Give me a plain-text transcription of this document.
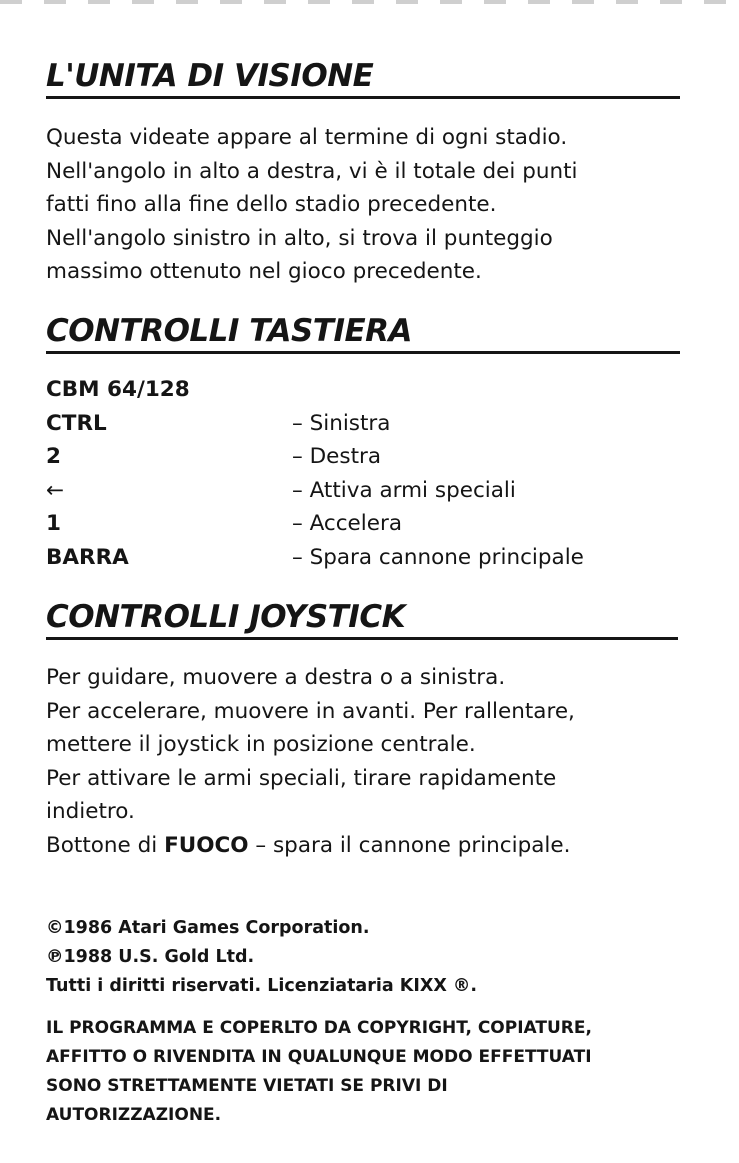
L'UNITA DI VISIONE
Questa videate appare al termine di ogni stadio.
Nell'angolo in alto a destra, vi è il totale dei punti
fatti fino alla fine dello stadio precedente.
Nell'angolo sinistro in alto, si trova il punteggio
massimo ottenuto nel gioco precedente.
CONTROLLI TASTIERA
CBM 64/128
CTRL	– Sinistra
2	– Destra
←	– Attiva armi speciali
1	– Accelera
BARRA	– Spara cannone principale
CONTROLLI JOYSTICK
Per guidare, muovere a destra o a sinistra.
Per accelerare, muovere in avanti. Per rallentare,
mettere il joystick in posizione centrale.
Per attivare le armi speciali, tirare rapidamente
indietro.
Bottone di FUOCO – spara il cannone principale.
©1986 Atari Games Corporation.
℗1988 U.S. Gold Ltd.
Tutti i diritti riservati. Licenziataria KIXX ®.
IL PROGRAMMA E COPERLTO DA COPYRIGHT, COPIATURE,
AFFITTO O RIVENDITA IN QUALUNQUE MODO EFFETTUATI
SONO STRETTAMENTE VIETATI SE PRIVI DI
AUTORIZZAZIONE.
